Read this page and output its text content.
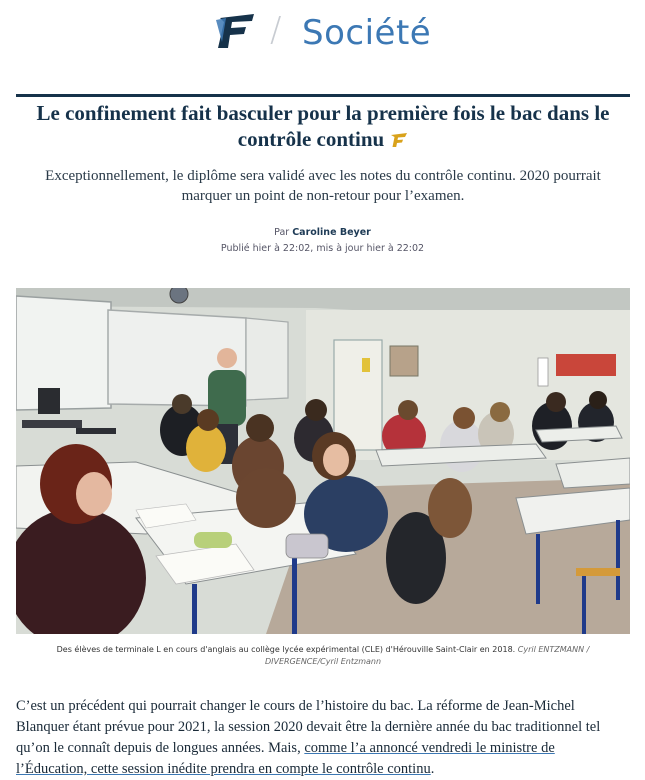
/ Société
Le confinement fait basculer pour la première fois le bac dans le contrôle continu

Exceptionnellement, le diplôme sera validé avec les notes du contrôle continu. 2020 pourrait marquer un point de non-retour pour l’examen.

Par Caroline Beyer
Publié hier à 22:02, mis à jour hier à 22:02

Des élèves de terminale L en cours d'anglais au collège lycée expérimental (CLE) d'Hérouville Saint-Clair en 2018. Cyril ENTZMANN / DIVERGENCE/Cyril Entzmann

C’est un précédent qui pourrait changer le cours de l’histoire du bac. La réforme de Jean-Michel Blanquer étant prévue pour 2021, la session 2020 devait être la dernière année du bac traditionnel tel qu’on le connaît depuis de longues années. Mais, comme l’a annoncé vendredi le ministre de l’Éducation, cette session inédite prendra en compte le contrôle continu.
